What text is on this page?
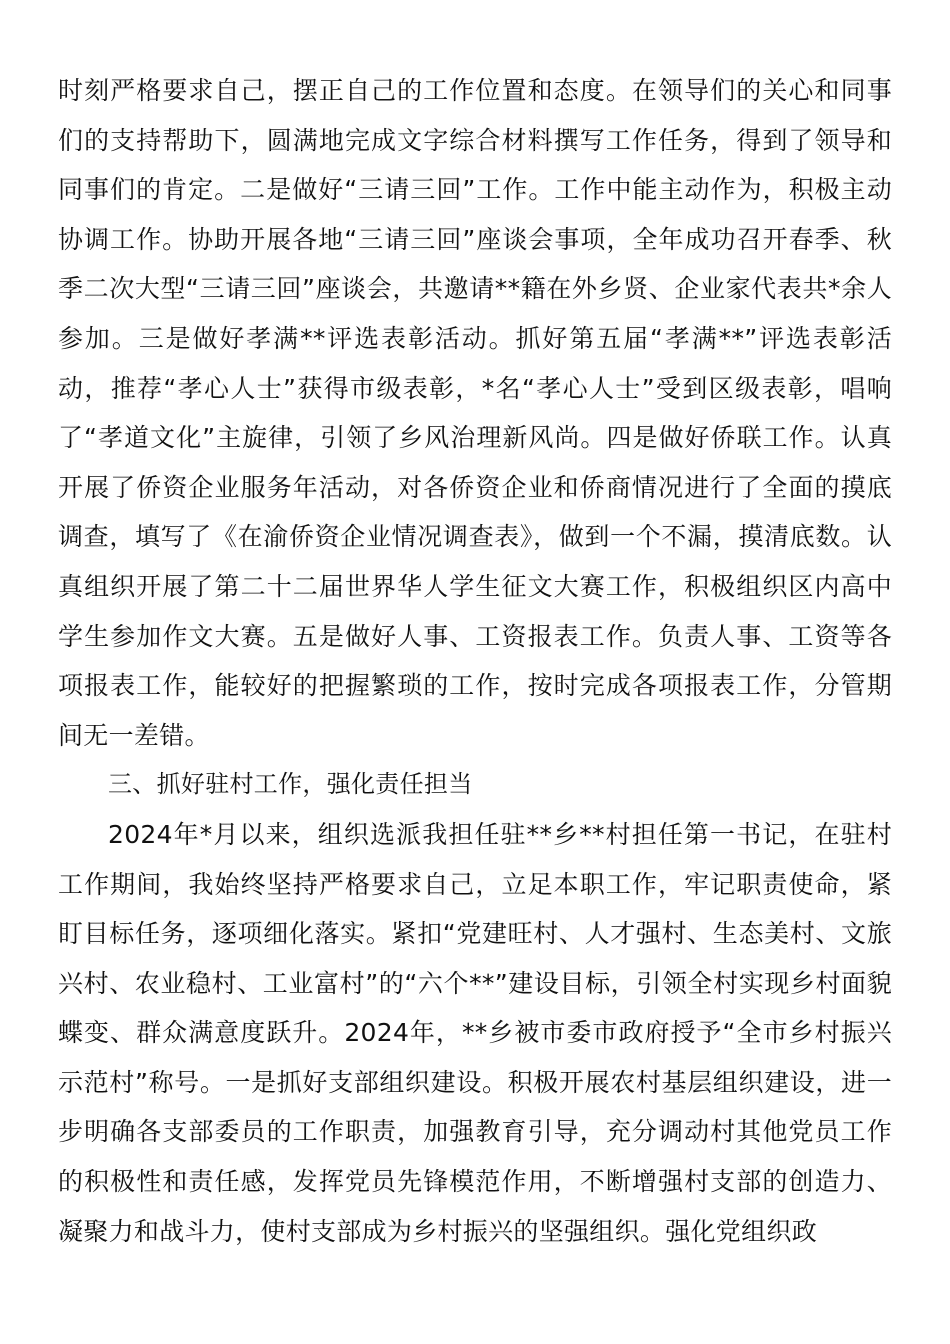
时刻严格要求自己，摆正自己的工作位置和态度。在领导们的关心和同事们的支持帮助下，圆满地完成文字综合材料撰写工作任务，得到了领导和同事们的肯定。二是做好“三请三回”工作。工作中能主动作为，积极主动协调工作。协助开展各地“三请三回”座谈会事项，全年成功召开春季、秋季二次大型“三请三回”座谈会，共邀请**籍在外乡贤、企业家代表共*余人参加。三是做好孝满**评选表彰活动。抓好第五届“孝满**”评选表彰活动，推荐“孝心人士”获得市级表彰，*名“孝心人士”受到区级表彰，唱响了“孝道文化”主旋律，引领了乡风治理新风尚。四是做好侨联工作。认真开展了侨资企业服务年活动，对各侨资企业和侨商情况进行了全面的摸底调查，填写了《在渝侨资企业情况调查表》，做到一个不漏，摸清底数。认真组织开展了第二十二届世界华人学生征文大赛工作，积极组织区内高中学生参加作文大赛。五是做好人事、工资报表工作。负责人事、工资等各项报表工作，能较好的把握繁琐的工作，按时完成各项报表工作，分管期间无一差错。

三、抓好驻村工作，强化责任担当

2024年*月以来，组织选派我担任驻**乡**村担任第一书记，在驻村工作期间，我始终坚持严格要求自己，立足本职工作，牢记职责使命，紧盯目标任务，逐项细化落实。紧扣“党建旺村、人才强村、生态美村、文旅兴村、农业稳村、工业富村”的“六个**”建设目标，引领全村实现乡村面貌蝶变、群众满意度跃升。2024年，**乡被市委市政府授予“全市乡村振兴示范村”称号。一是抓好支部组织建设。积极开展农村基层组织建设，进一步明确各支部委员的工作职责，加强教育引导，充分调动村其他党员工作的积极性和责任感，发挥党员先锋模范作用，不断增强村支部的创造力、凝聚力和战斗力，使村支部成为乡村振兴的坚强组织。强化党组织政
